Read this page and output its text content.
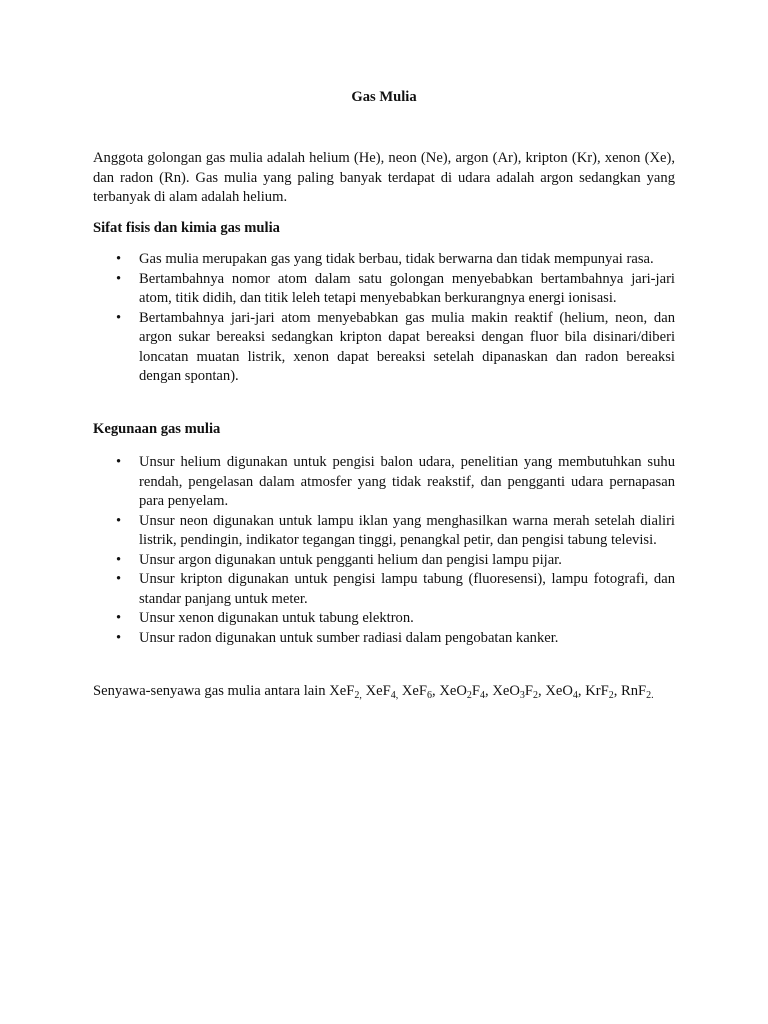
Gas Mulia

Anggota golongan gas mulia adalah helium (He), neon (Ne), argon (Ar), kripton (Kr), xenon (Xe), dan radon (Rn). Gas mulia yang paling banyak terdapat di udara adalah argon sedangkan yang terbanyak di alam adalah helium.

Sifat fisis dan kimia gas mulia

• Gas mulia merupakan gas yang tidak berbau, tidak berwarna dan tidak mempunyai rasa.
• Bertambahnya nomor atom dalam satu golongan menyebabkan bertambahnya jari-jari atom, titik didih, dan titik leleh tetapi menyebabkan berkurangnya energi ionisasi.
• Bertambahnya jari-jari atom menyebabkan gas mulia makin reaktif (helium, neon, dan argon sukar bereaksi sedangkan kripton dapat bereaksi dengan fluor bila disinari/diberi loncatan muatan listrik, xenon dapat bereaksi setelah dipanaskan dan radon bereaksi dengan spontan).

Kegunaan gas mulia

• Unsur helium digunakan untuk pengisi balon udara, penelitian yang membutuhkan suhu rendah, pengelasan dalam atmosfer yang tidak reakstif, dan pengganti udara pernapasan para penyelam.
• Unsur neon digunakan untuk lampu iklan yang menghasilkan warna merah setelah dialiri listrik, pendingin, indikator tegangan tinggi, penangkal petir, dan pengisi tabung televisi.
• Unsur argon digunakan untuk pengganti helium dan pengisi lampu pijar.
• Unsur kripton digunakan untuk pengisi lampu tabung (fluoresensi), lampu fotografi, dan standar panjang untuk meter.
• Unsur xenon digunakan untuk tabung elektron.
• Unsur radon digunakan untuk sumber radiasi dalam pengobatan kanker.

Senyawa-senyawa gas mulia antara lain XeF$_{2,}$ XeF$_{4,}$ XeF$_6$, $XeO_2F_4$, $XeO_3F_2$, XeO$_4$, KrF$_2$, RnF$_{2.}$
